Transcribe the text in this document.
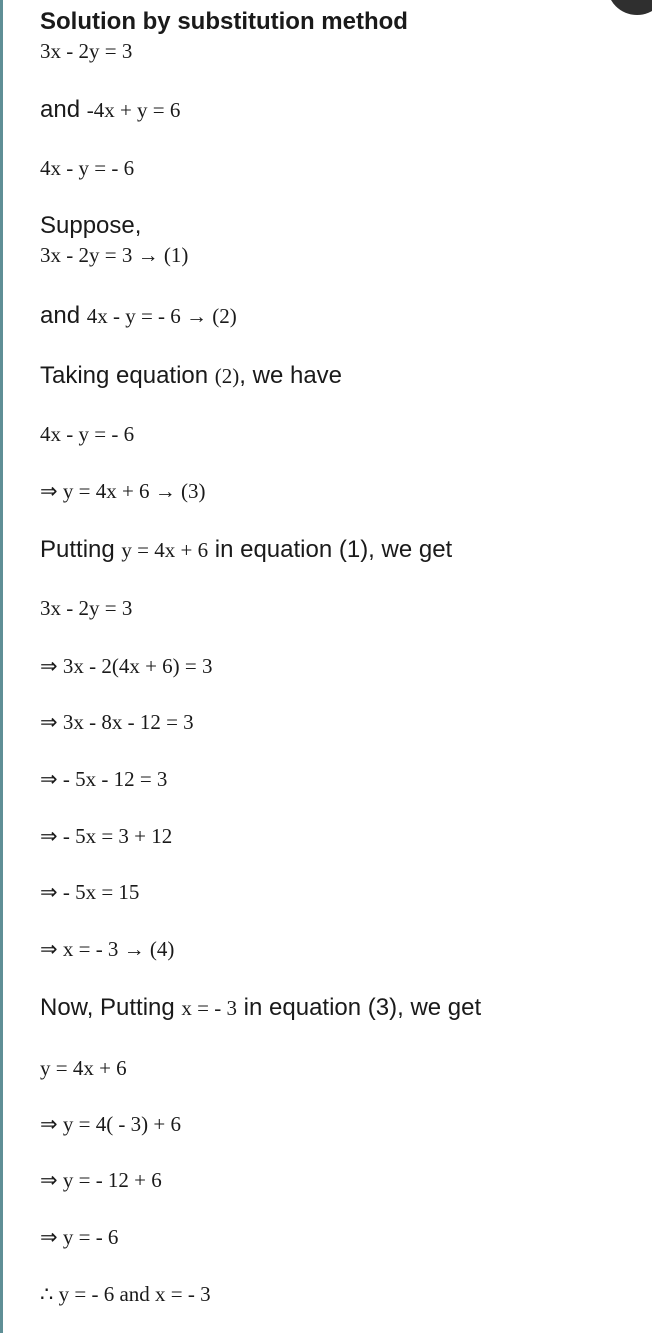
Solution by substitution method
3x - 2y = 3
and -4x + y = 6
4x - y = - 6
Suppose,
3x - 2y = 3 → (1)
and 4x - y = - 6 → (2)
Taking equation (2), we have
4x - y = - 6
⇒ y = 4x + 6 → (3)
Putting y = 4x + 6 in equation (1), we get
3x - 2y = 3
⇒ 3x - 2(4x + 6) = 3
⇒ 3x - 8x - 12 = 3
⇒ - 5x - 12 = 3
⇒ - 5x = 3 + 12
⇒ - 5x = 15
⇒ x = - 3 → (4)
Now, Putting x = - 3 in equation (3), we get
y = 4x + 6
⇒ y = 4( - 3) + 6
⇒ y = - 12 + 6
⇒ y = - 6
∴ y = - 6 and x = - 3
